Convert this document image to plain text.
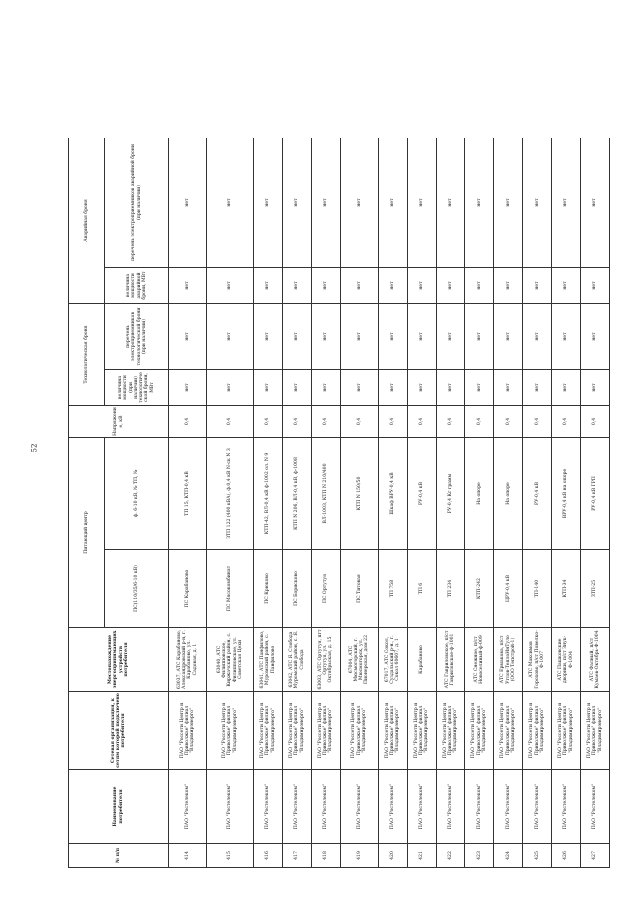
52
№ п/п	Наименование потребителя	Сетевая организация, к сетям которой подключено потребителя	Местонахождение энергопринимающих устройств потребителя	Питающий центр		Напряжение, кВ	Технологическая броня		Аварийная броня	
				ПС(110/35/6-10 кВ)	ф. 6-10 кВ, № ТП, №		величина мощности (при наличии) технологической брони, МВт	перечень электроприемников технологической брони (при наличии)	величина мощности аварийной брони, МВт	перечень электроприемников аварийной брони (при наличии)
414	ПАО "Ростелеком"	ПАО "Россети Центр и Приволжье" филиал "Владимирэнерго"	63037, АТС Карабаново, Александровский р-н, г. Карабаново, ул. Садовая, д. 1	ПС Карабаново	ТП 15, КТП-0,4 кВ	0,4	нет	нет	нет	нет
415	ПАО "Ростелеком"	ПАО "Россети Центр и Приволжье" филиал "Владимирэнерго"	63040, АТС Филипповское, Киржачский район, с. Филипповское, ул. Советская Цехи	ПС Мясокомбинат	ЗТП 122 (400 кВА), ф.0,4 кВ N-ск N 3	0,4	нет	нет	нет	нет
416	ПАО "Ростелеком"	ПАО "Россети Центр и Приволжье" филиал "Владимирэнерго"	63041, АТС Панфилово, Муромский район, с. Панфилово	ПС Крюково	КТП-42, ВЛ-0,4 кВ ф-1002 ол. N 9	0,4	нет	нет	нет	нет
417	ПАО "Ростелеком"	ПАО "Россети Центр и Приволжье" филиал "Владимирэнерго"	63042, АТС Я. Слобода Муромский район, с. Я. Слобода	ПС Борисково	КТП N 206, ВЛ-0,4 кВ, ф-1008	0,4	нет	нет	нет	нет
418	ПАО "Ростелеком"	ПАО "Россети Центр и Приволжье" филиал "Владимирэнерго"	63003, АТС Ортутуя, пгт Ортутуя, ул. Октябрьская, д. 15	ПС Ортутуя	ВЛ-1003, КТП N 210/400	0,4	нет	нет	нет	нет
419	ПАО "Ростелеком"	ПАО "Россети Центр и Приволжье" филиал "Владимирэнерго"	67004, АТС Мюсмогорский, г. Мюсмогорск, ул. Пионерская, дом 22	ПС Титовая	КТП N 150/50	0,4	нет	нет	нет	нет
420	ПАО "Ростелеком"	ПАО "Россети Центр и Приволжье" филиал "Владимирэнерго"	67017, АТС Сокол, Суздальский р-н., г. Сокол 60607, д. 1	ТП 758	Шкаф ВРУ-0,4 кВ	0,4	нет	нет	нет	нет
421	ПАО "Ростелеком"	ПАО "Россети Центр и Приволжье" филиал "Владимирэнерго"	Карабаново	ТП 6	РУ-0,4 кВ	0,4	нет	нет	нет	нет
422	ПАО "Ростелеком"	ПАО "Россети Центр и Приволжье" филиал "Владимирэнерго"	АТС Гавриловское, п/ст Гавриловское-ф-1001	ТП 234	РУ-0,4 Кг грамм	0,4	нет	нет	нет	нет
423	ПАО "Ростелеком"	ПАО "Россети Центр и Приволжье" филиал "Владимирэнерго"	АТС Снежное, п/ст Новоселиный-ф-009	КТП-242	На опоре	0,4	нет	нет	нет	нет
424	ПАО "Ростелеком"	ПАО "Россети Центр и Приволжье" филиал "Владимирэнерго"	АТС Ермакова, п/ст Углов-ТеплоИнТуло (ООО Тепстрой-1)	ЦРУ-0,4 кВ	На опоре	0,4	нет	нет	нет	нет
425	ПАО "Ростелеком"	ПАО "Россети Центр и Приволжье" филиал "Владимирэнерго"	АТС Максимов Горохово, п/ст Повелко-Ф-1007	ТП-140	РУ-0,4 кВ	0,4	нет	нет	нет	нет
426	ПАО "Ростелеком"	ПАО "Россети Центр и Приволжье" филиал "Владимирэнерго"	АТС Пашковские дворики, п/ст Знук-Ф-1004	КТП-34	ВРУ-0,4 кВ на опоре	0,4	нет	нет	нет	нет
427	ПАО "Ростелеком"	ПАО "Россети Центр и Приволжье" филиал "Владимирэнерго"	АТС Фалный, п/ст Кумаев-Октябрь-Ф-1004	ЗТП-25	РУ-0,4 кВ ГРП	0,4	нет	нет	нет	нет
